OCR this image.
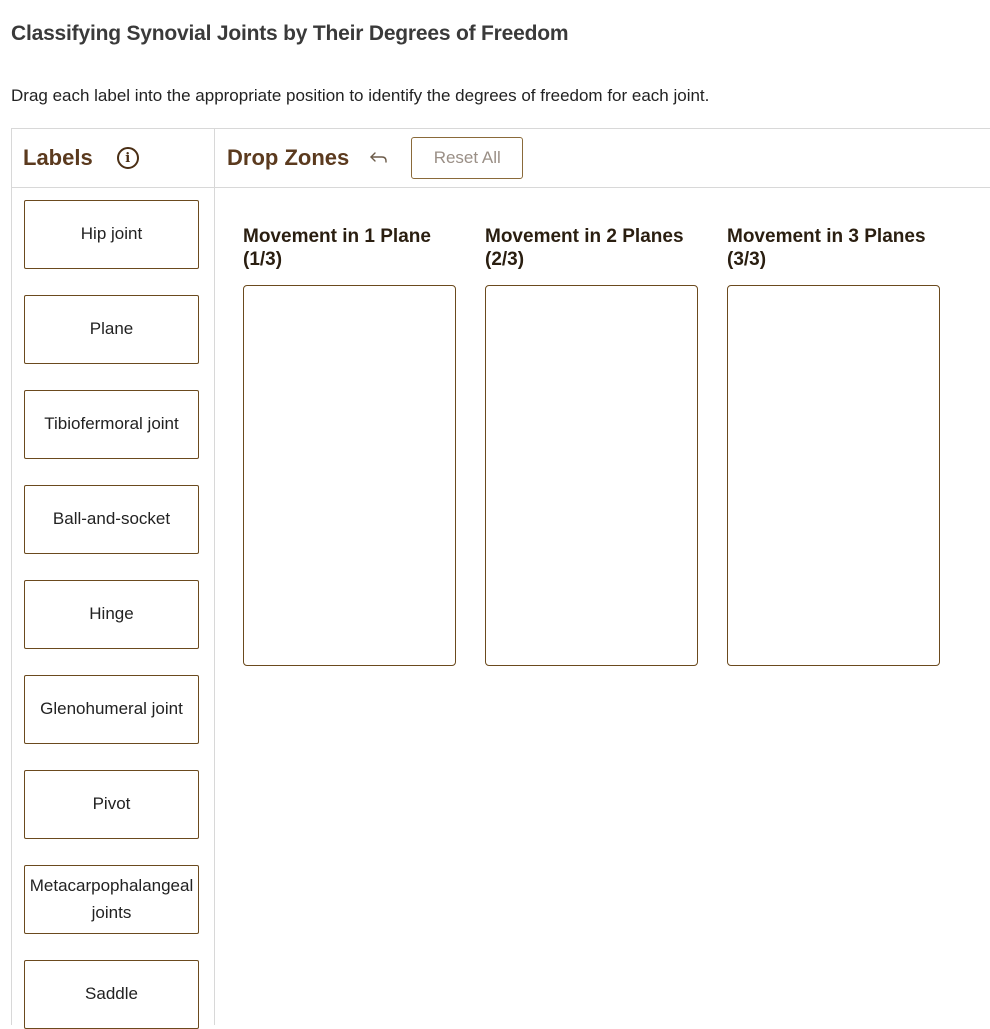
Classifying Synovial Joints by Their Degrees of Freedom

Drag each label into the appropriate position to identify the degrees of freedom for each joint.

Labels	i
Hip joint
Plane
Tibiofermoral joint
Ball-and-socket
Hinge
Glenohumeral joint
Pivot
Metacarpophalangeal joints
Saddle
Drop Zones	Reset All
Movement in 1 Plane
(1/3)
Movement in 2 Planes
(2/3)
Movement in 3 Planes
(3/3)
